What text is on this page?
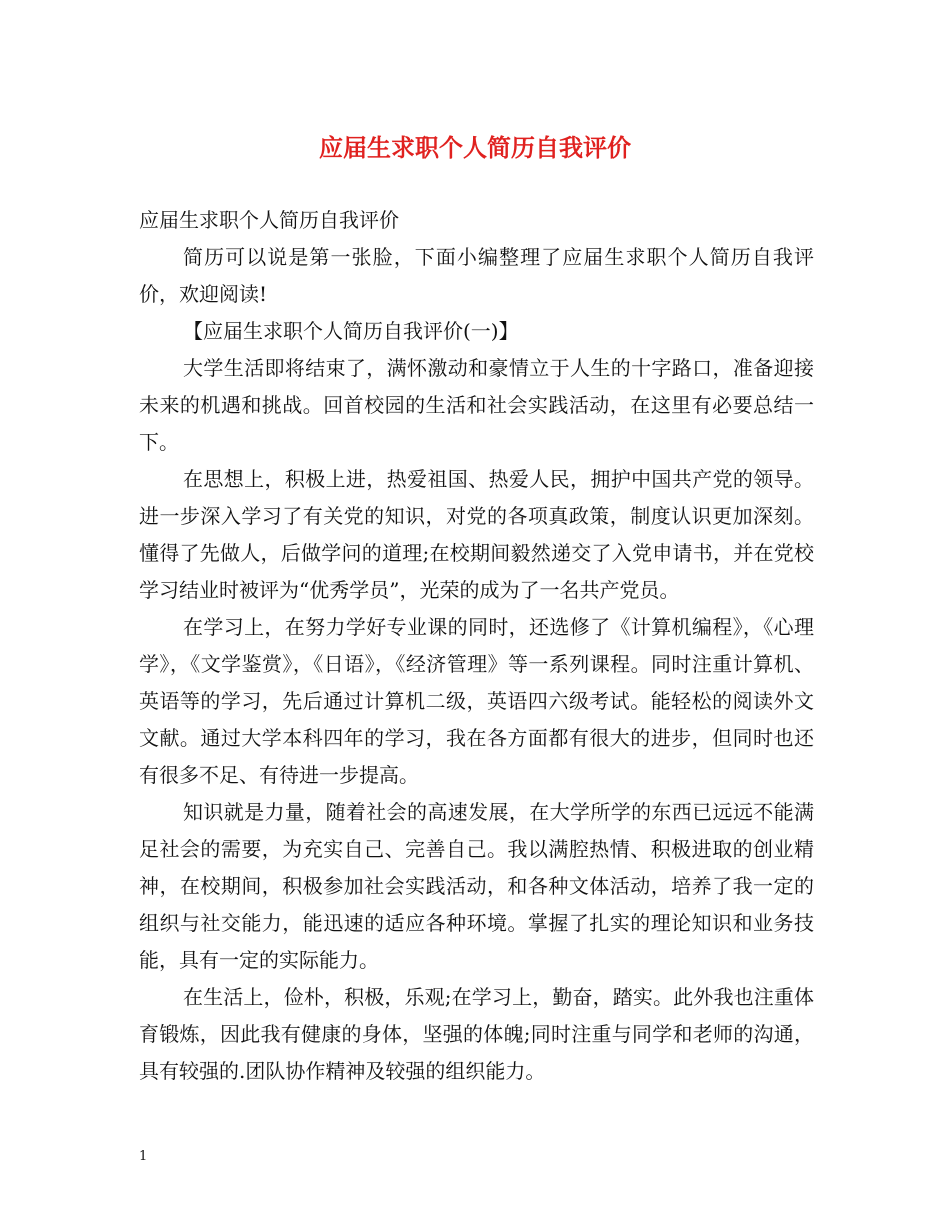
应届生求职个人简历自我评价

应届生求职个人简历自我评价

简历可以说是第一张脸，下面小编整理了应届生求职个人简历自我评价，欢迎阅读!

【应届生求职个人简历自我评价(一)】

大学生活即将结束了，满怀激动和豪情立于人生的十字路口，准备迎接未来的机遇和挑战。回首校园的生活和社会实践活动，在这里有必要总结一下。

在思想上，积极上进，热爱祖国、热爱人民，拥护中国共产党的领导。进一步深入学习了有关党的知识，对党的各项真政策，制度认识更加深刻。懂得了先做人，后做学问的道理;在校期间毅然递交了入党申请书，并在党校学习结业时被评为“优秀学员”，光荣的成为了一名共产党员。

在学习上，在努力学好专业课的同时，还选修了《计算机编程》，《心理学》，《文学鉴赏》，《日语》，《经济管理》等一系列课程。同时注重计算机、英语等的学习，先后通过计算机二级，英语四六级考试。能轻松的阅读外文文献。通过大学本科四年的学习，我在各方面都有很大的进步，但同时也还有很多不足、有待进一步提高。

知识就是力量，随着社会的高速发展，在大学所学的东西已远远不能满足社会的需要，为充实自己、完善自己。我以满腔热情、积极进取的创业精神，在校期间，积极参加社会实践活动，和各种文体活动，培养了我一定的组织与社交能力，能迅速的适应各种环境。掌握了扎实的理论知识和业务技能，具有一定的实际能力。

在生活上，俭朴，积极，乐观;在学习上，勤奋，踏实。此外我也注重体育锻炼，因此我有健康的身体，坚强的体魄;同时注重与同学和老师的沟通，具有较强的.团队协作精神及较强的组织能力。

1
